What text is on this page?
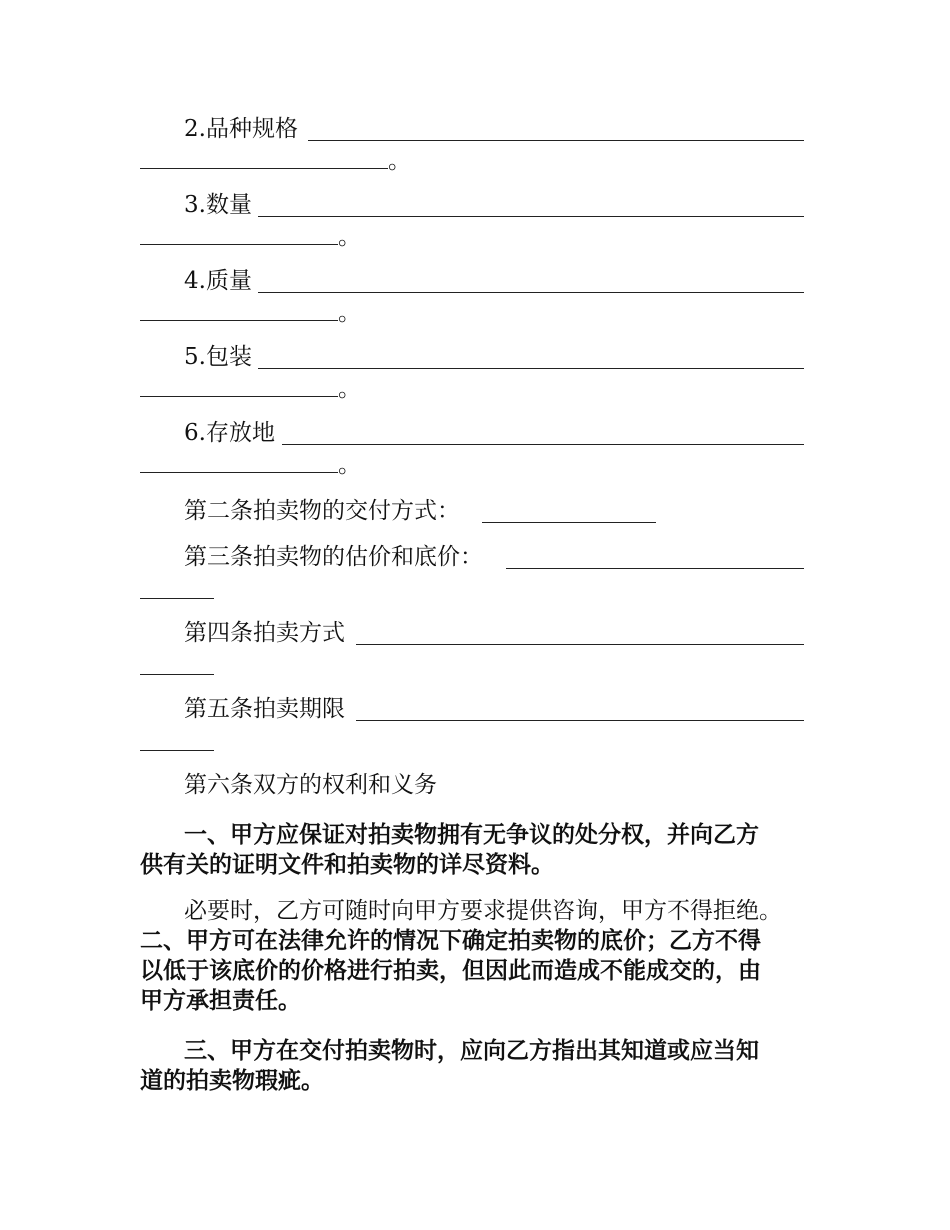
2.品种规格
。
3.数量
。
4.质量
。
5.包装
。
6.存放地
。
第二条拍卖物的交付方式：
第三条拍卖物的估价和底价：
第四条拍卖方式
第五条拍卖期限
第六条双方的权利和义务
一、甲方应保证对拍卖物拥有无争议的处分权，并向乙方
供有关的证明文件和拍卖物的详尽资料。
必要时，乙方可随时向甲方要求提供咨询，甲方不得拒绝。
二、甲方可在法律允许的情况下确定拍卖物的底价；乙方不得
以低于该底价的价格进行拍卖，但因此而造成不能成交的，由
甲方承担责任。
三、甲方在交付拍卖物时，应向乙方指出其知道或应当知
道的拍卖物瑕疵。
